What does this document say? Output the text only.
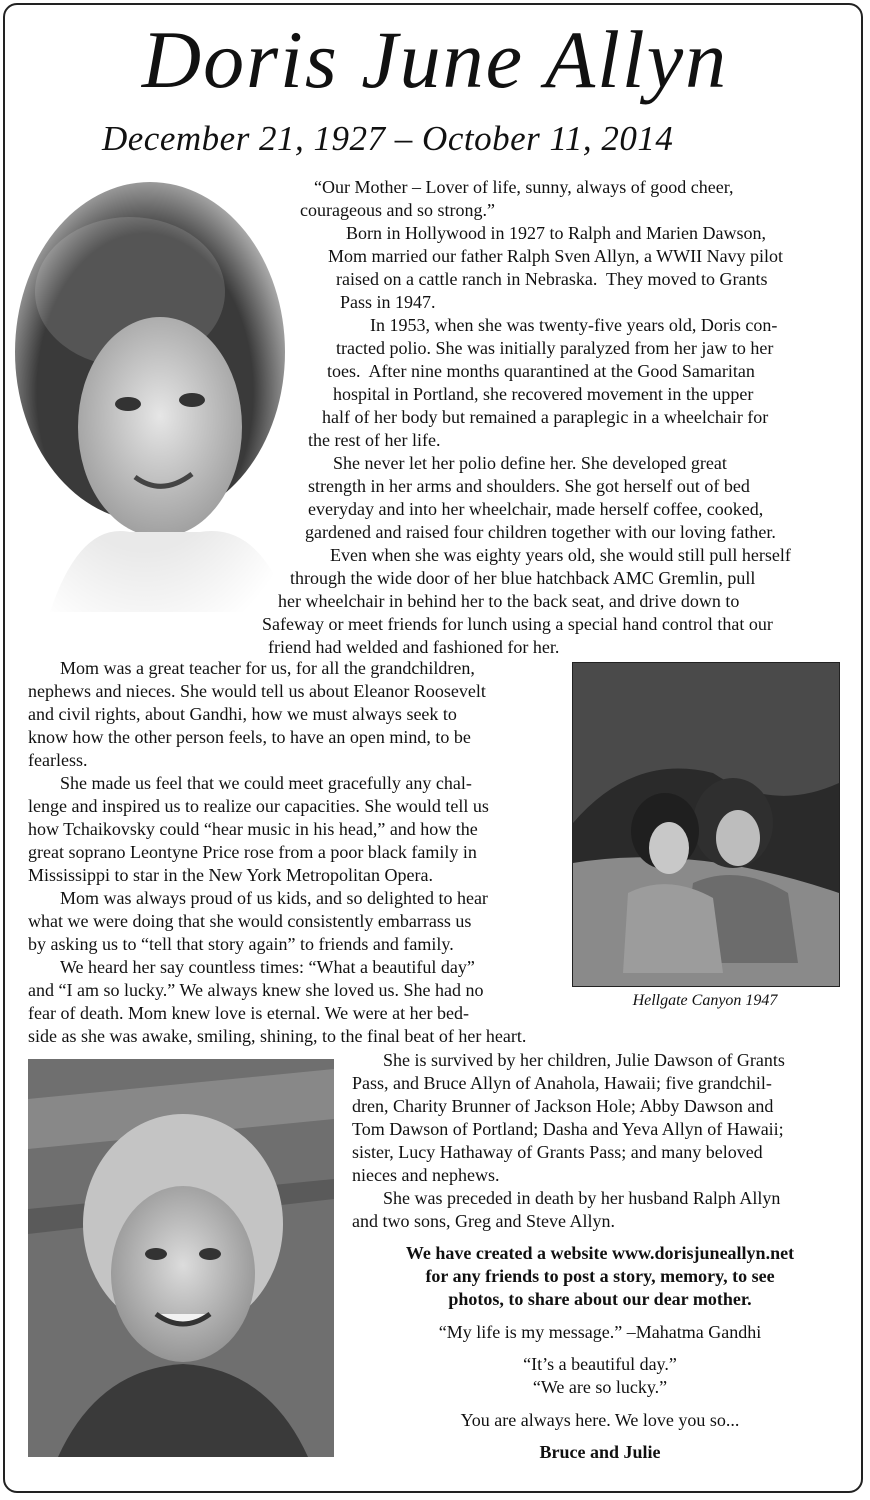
Doris June Allyn
December 21, 1927 – October 11, 2014
Hellgate Canyon 1947
“Our Mother – Lover of life, sunny, always of good cheer,
courageous and so strong.”
Born in Hollywood in 1927 to Ralph and Marien Dawson,
Mom married our father Ralph Sven Allyn, a WWII Navy pilot
raised on a cattle ranch in Nebraska.  They moved to Grants
Pass in 1947.
In 1953, when she was twenty-five years old, Doris con-
tracted polio. She was initially paralyzed from her jaw to her
toes.  After nine months quarantined at the Good Samaritan
hospital in Portland, she recovered movement in the upper
half of her body but remained a paraplegic in a wheelchair for
the rest of her life.
She never let her polio define her. She developed great
strength in her arms and shoulders. She got herself out of bed
everyday and into her wheelchair, made herself coffee, cooked,
gardened and raised four children together with our loving father.
Even when she was eighty years old, she would still pull herself
through the wide door of her blue hatchback AMC Gremlin, pull
her wheelchair in behind her to the back seat, and drive down to
Safeway or meet friends for lunch using a special hand control that our
friend had welded and fashioned for her.
Mom was a great teacher for us, for all the grandchildren,
nephews and nieces. She would tell us about Eleanor Roosevelt
and civil rights, about Gandhi, how we must always seek to
know how the other person feels, to have an open mind, to be
fearless.
She made us feel that we could meet gracefully any chal-
lenge and inspired us to realize our capacities. She would tell us
how Tchaikovsky could “hear music in his head,” and how the
great soprano Leontyne Price rose from a poor black family in
Mississippi to star in the New York Metropolitan Opera.
Mom was always proud of us kids, and so delighted to hear
what we were doing that she would consistently embarrass us
by asking us to “tell that story again” to friends and family.
We heard her say countless times: “What a beautiful day”
and “I am so lucky.” We always knew she loved us. She had no
fear of death. Mom knew love is eternal. We were at her bed-
side as she was awake, smiling, shining, to the final beat of her heart.
She is survived by her children, Julie Dawson of Grants
Pass, and Bruce Allyn of Anahola, Hawaii; five grandchil-
dren, Charity Brunner of Jackson Hole; Abby Dawson and
Tom Dawson of Portland; Dasha and Yeva Allyn of Hawaii;
sister, Lucy Hathaway of Grants Pass; and many beloved
nieces and nephews.
She was preceded in death by her husband Ralph Allyn
and two sons, Greg and Steve Allyn.
We have created a website www.dorisjuneallyn.net
for any friends to post a story, memory, to see
photos, to share about our dear mother.
“My life is my message.” –Mahatma Gandhi
“It’s a beautiful day.”
“We are so lucky.”
You are always here. We love you so...
Bruce and Julie
